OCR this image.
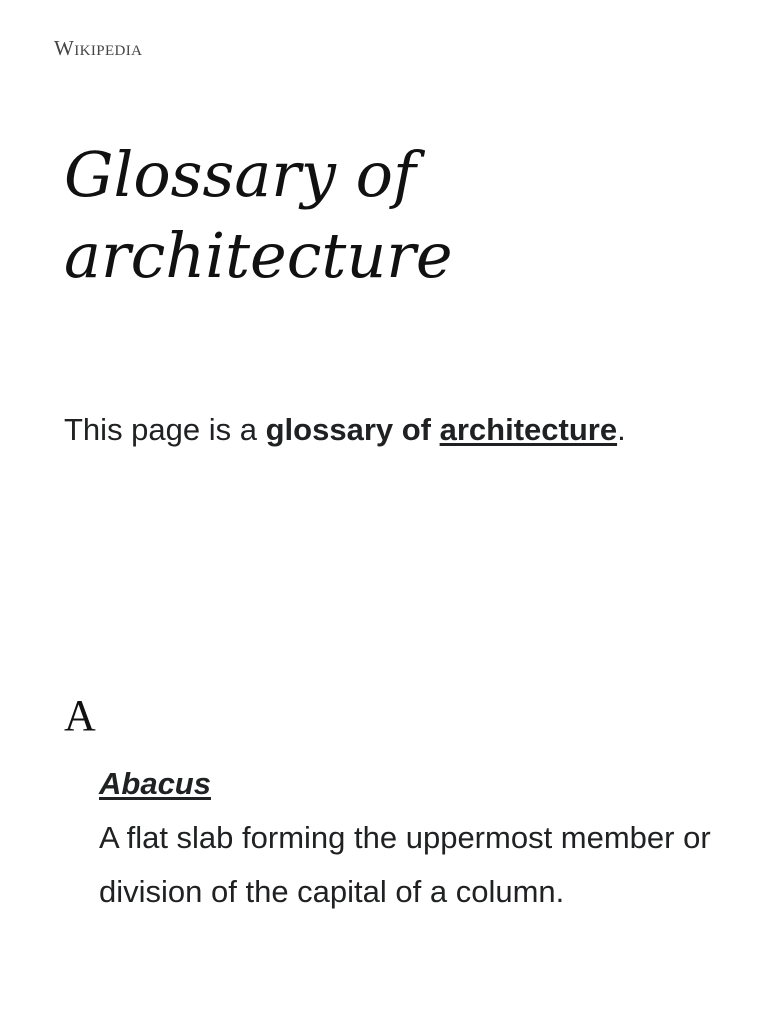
Wikipedia
Glossary of architecture

This page is a glossary of architecture.

A
Abacus
A flat slab forming the uppermost member or division of the capital of a column.
